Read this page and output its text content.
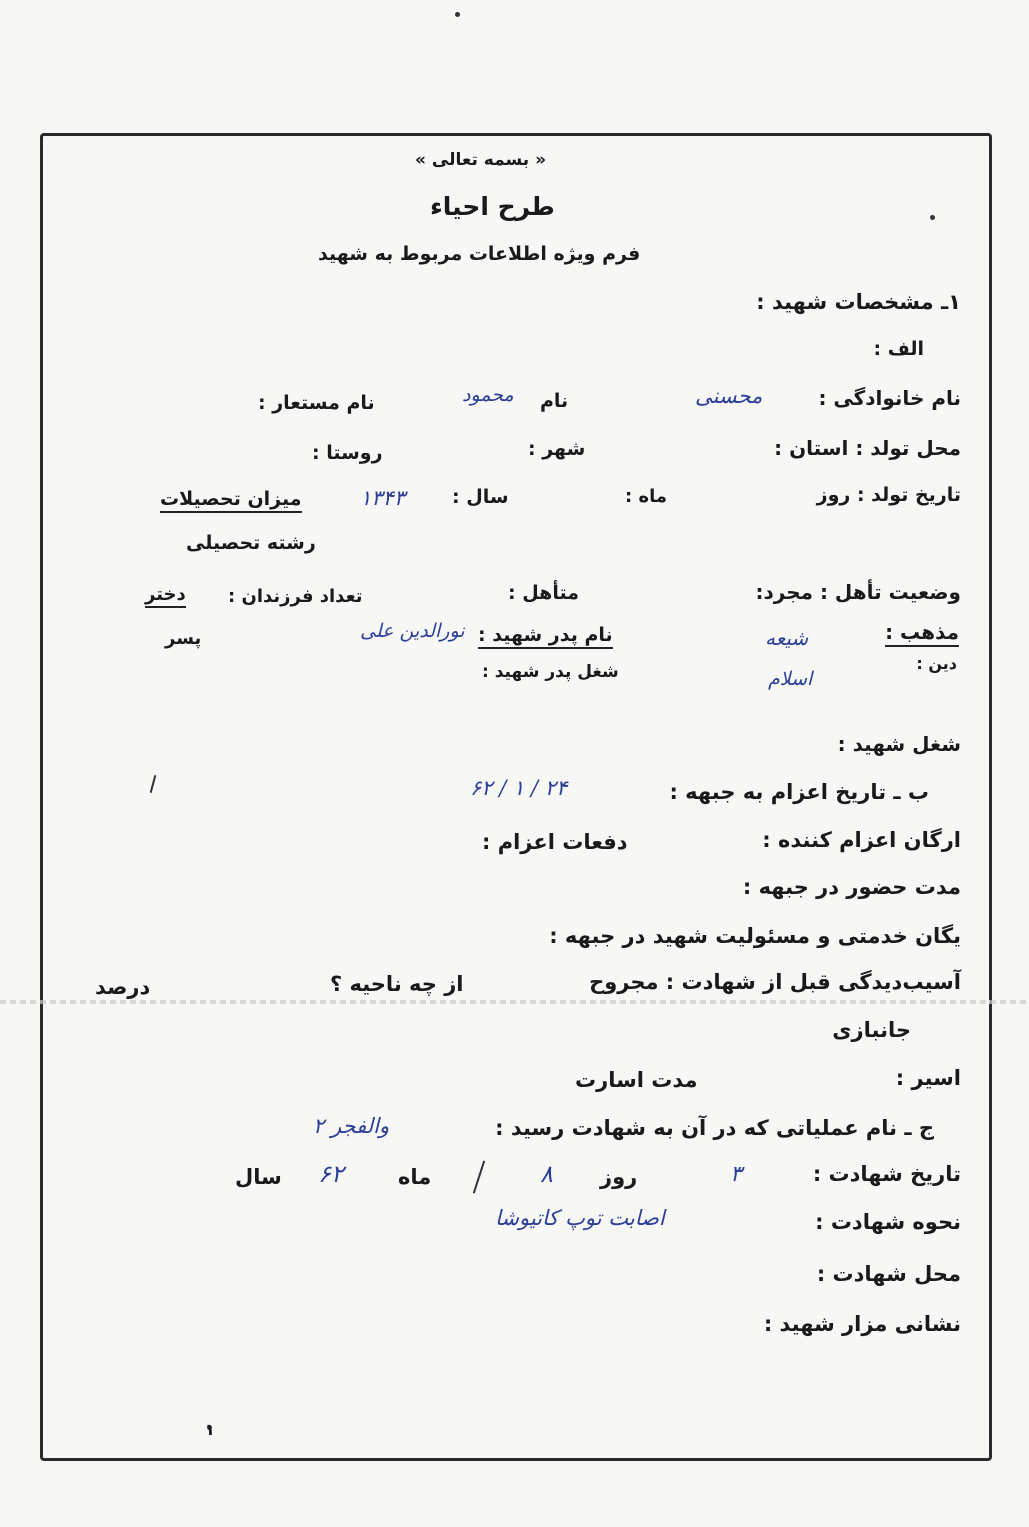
« بسمه تعالی »
طرح احیاء
فرم ویژه اطلاعات مربوط به شهید
۱ـ مشخصات شهید :
الف :
نام خانوادگی :
محسنی
نام
محمود
نام مستعار :
محل تولد : استان :
شهر :
روستا :
تاریخ تولد : روز
ماه :
سال :
۱۳۴۳
میزان تحصیلات
رشته تحصیلی
وضعیت تأهل : مجرد:
متأهل :
تعداد فرزندان :
دختر
پسر	مذهب :
دین :
شیعه
اسلام
نام پدر شهید :
نورالدین علی
شغل پدر شهید :
شغل شهید :
ب ـ تاریخ اعزام به جبهه :
۲۴ / ۱ / ۶۲
ارگان اعزام کننده :
دفعات اعزام :
مدت حضور در جبهه :
یگان خدمتی و مسئولیت شهید در جبهه :
آسیب‌دیدگی قبل از شهادت : مجروح
از چه ناحیه ؟
درصد
جانبازی
اسیر :
مدت اسارت
ج ـ نام عملیاتی که در آن به شهادت رسید :
والفجر ۲
تاریخ شهادت :
۳
روز
۸
ماه
۶۲
سال
نحوه شهادت :
اصابت توپ کاتیوشا
محل شهادت :
نشانی مزار شهید :
۱
